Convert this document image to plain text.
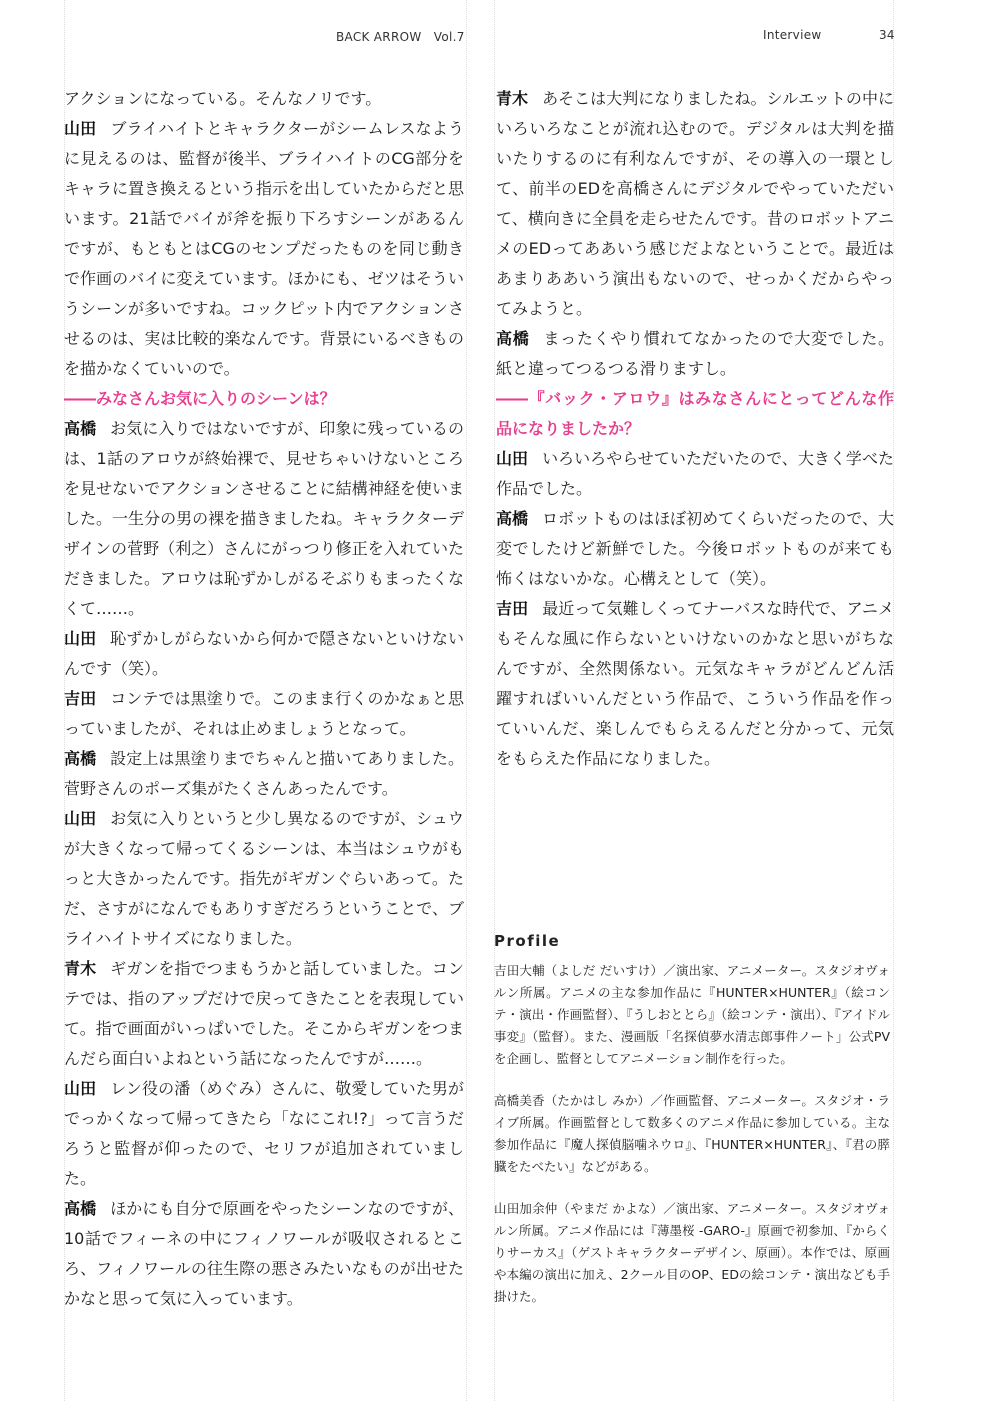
BACK ARROW　Vol.7	Interview	34

アクションになっている。そんなノリです。

山田 ブライハイトとキャラクターがシームレスなように見えるのは、監督が後半、ブライハイトのCG部分をキャラに置き換えるという指示を出していたからだと思います。21話でバイが斧を振り下ろすシーンがあるんですが、もともとはCGのセンプだったものを同じ動きで作画のバイに変えています。ほかにも、ゼツはそういうシーンが多いですね。コックピット内でアクションさせるのは、実は比較的楽なんです。背景にいるべきものを描かなくていいので。

――みなさんお気に入りのシーンは？

高橋 お気に入りではないですが、印象に残っているのは、1話のアロウが終始裸で、見せちゃいけないところを見せないでアクションさせることに結構神経を使いました。一生分の男の裸を描きましたね。キャラクターデザインの菅野（利之）さんにがっつり修正を入れていただきました。アロウは恥ずかしがるそぶりもまったくなくて……。

山田 恥ずかしがらないから何かで隠さないといけないんです（笑）。

吉田 コンテでは黒塗りで。このまま行くのかなぁと思っていましたが、それは止めましょうとなって。

高橋 設定上は黒塗りまでちゃんと描いてありました。菅野さんのポーズ集がたくさんあったんです。

山田 お気に入りというと少し異なるのですが、シュウが大きくなって帰ってくるシーンは、本当はシュウがもっと大きかったんです。指先がギガンぐらいあって。ただ、さすがになんでもありすぎだろうということで、ブライハイトサイズになりました。

青木 ギガンを指でつまもうかと話していました。コンテでは、指のアップだけで戻ってきたことを表現していて。指で画面がいっぱいでした。そこからギガンをつまんだら面白いよねという話になったんですが……。

山田 レン役の潘（めぐみ）さんに、敬愛していた男がでっかくなって帰ってきたら「なにこれ!?」って言うだろうと監督が仰ったので、セリフが追加されていました。

高橋 ほかにも自分で原画をやったシーンなのですが、10話でフィーネの中にフィノワールが吸収されるところ、フィノワールの往生際の悪さみたいなものが出せたかなと思って気に入っています。

青木 あそこは大判になりましたね。シルエットの中にいろいろなことが流れ込むので。デジタルは大判を描いたりするのに有利なんですが、その導入の一環として、前半のEDを高橋さんにデジタルでやっていただいて、横向きに全員を走らせたんです。昔のロボットアニメのEDってああいう感じだよなということで。最近はあまりああいう演出もないので、せっかくだからやってみようと。

高橋 まったくやり慣れてなかったので大変でした。紙と違ってつるつる滑りますし。

――『バック・アロウ』はみなさんにとってどんな作品になりましたか？

山田 いろいろやらせていただいたので、大きく学べた作品でした。

高橋 ロボットものはほぼ初めてくらいだったので、大変でしたけど新鮮でした。今後ロボットものが来ても怖くはないかな。心構えとして（笑）。

吉田 最近って気難しくってナーバスな時代で、アニメもそんな風に作らないといけないのかなと思いがちなんですが、全然関係ない。元気なキャラがどんどん活躍すればいいんだという作品で、こういう作品を作っていいんだ、楽しんでもらえるんだと分かって、元気をもらえた作品になりました。

Profile

吉田大輔（よしだ だいすけ）／演出家、アニメーター。スタジオヴォルン所属。アニメの主な参加作品に『HUNTER×HUNTER』（絵コンテ・演出・作画監督）、『うしおととら』（絵コンテ・演出）、『アイドル事変』（監督）。また、漫画版「名探偵夢水清志郎事件ノート」公式PVを企画し、監督としてアニメーション制作を行った。

高橋美香（たかはし みか）／作画監督、アニメーター。スタジオ・ライブ所属。作画監督として数多くのアニメ作品に参加している。主な参加作品に『魔人探偵脳噛ネウロ』、『HUNTER×HUNTER』、『君の膵臓をたべたい』などがある。

山田加余仲（やまだ かよな）／演出家、アニメーター。スタジオヴォルン所属。アニメ作品には『薄墨桜 -GARO-』原画で初参加、『からくりサーカス』（ゲストキャラクターデザイン、原画）。本作では、原画や本編の演出に加え、2クール目のOP、EDの絵コンテ・演出なども手掛けた。
